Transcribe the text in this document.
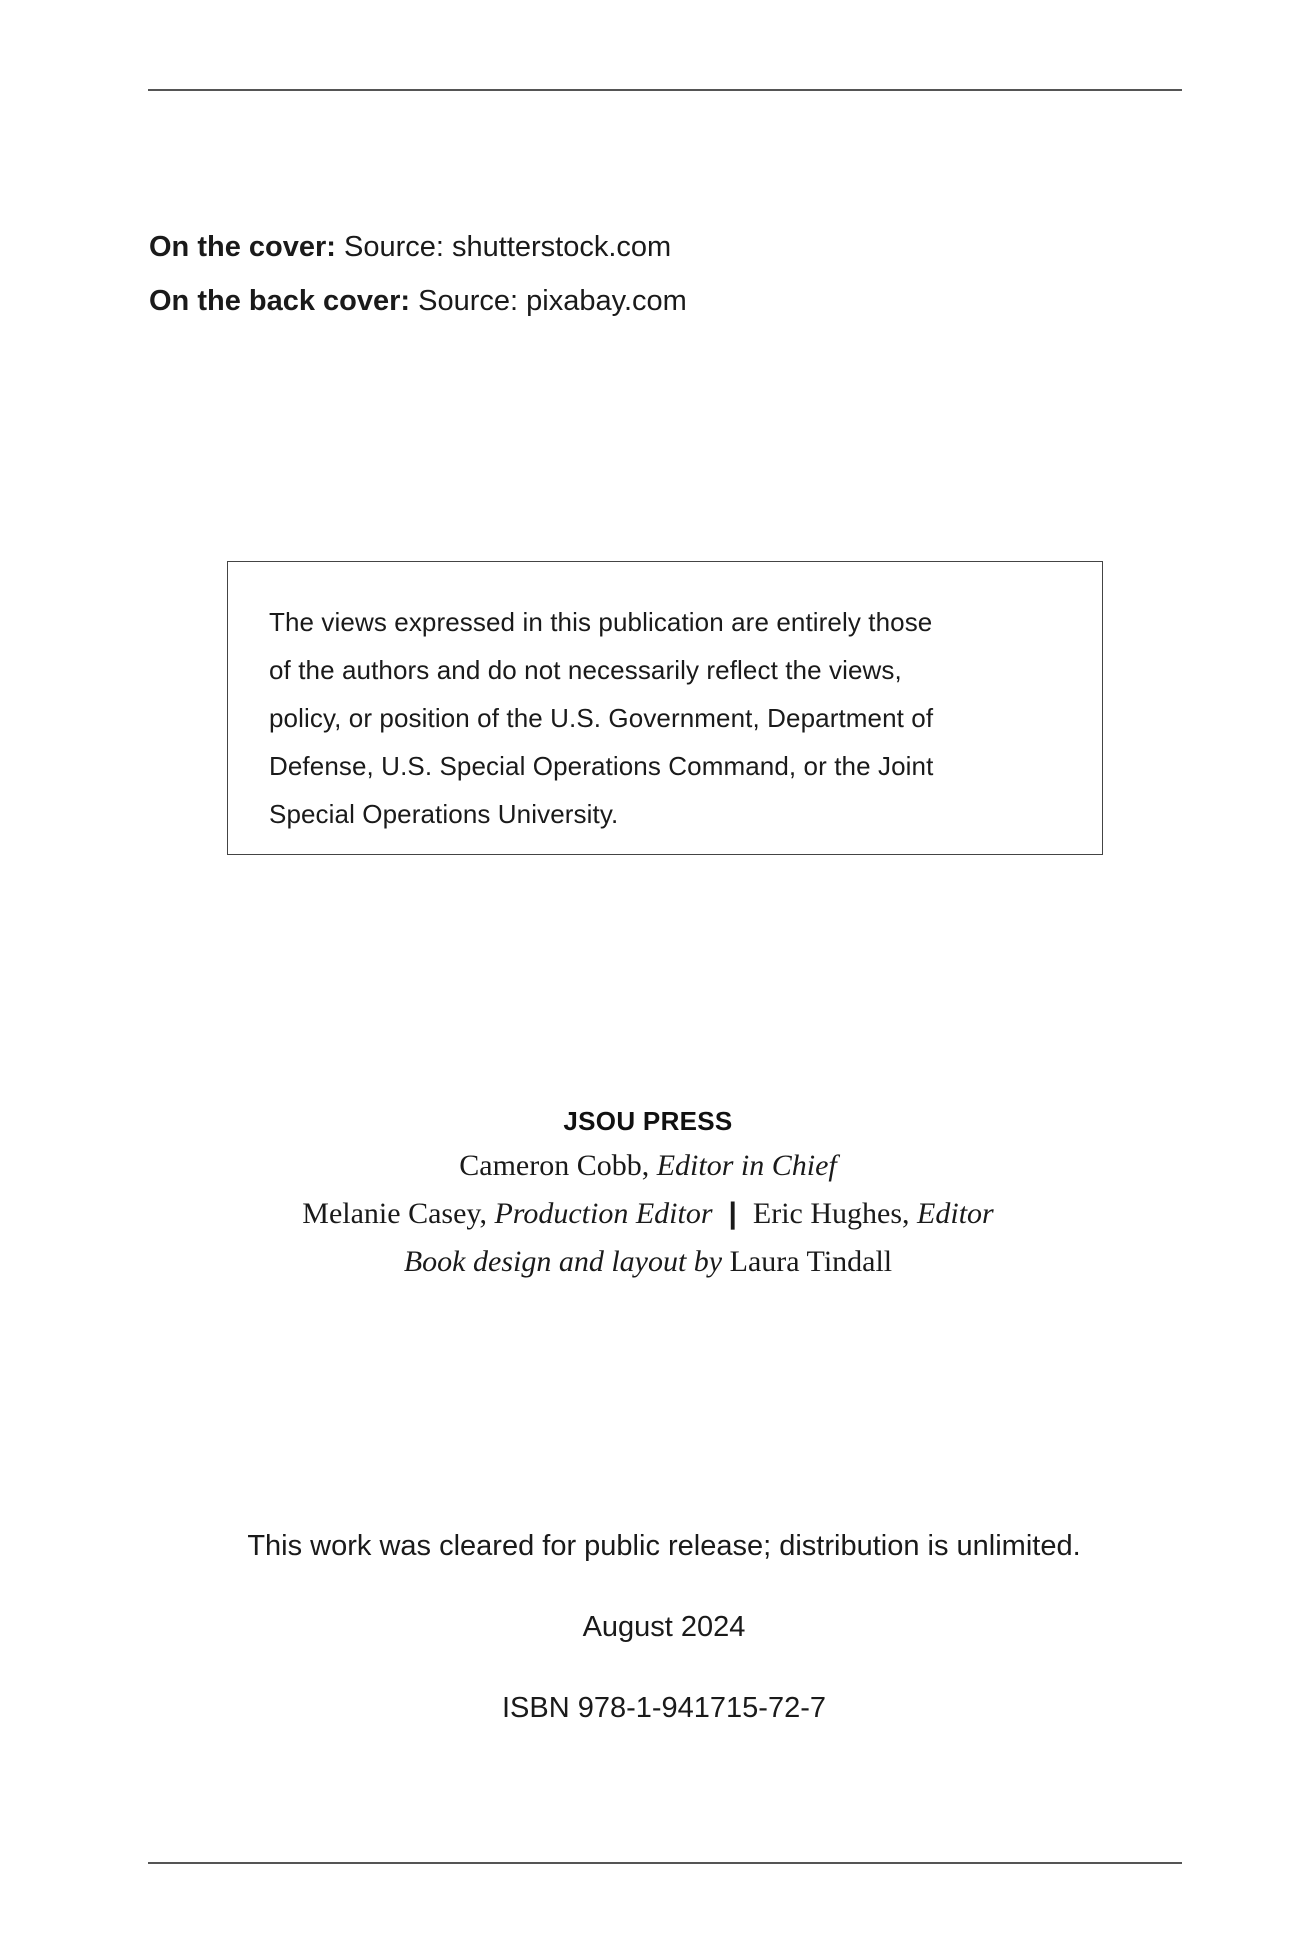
On the cover: Source: shutterstock.com
On the back cover: Source: pixabay.com

The views expressed in this publication are entirely those

of the authors and do not necessarily reflect the views,

policy, or position of the U.S. Government, Department of

Defense, U.S. Special Operations Command, or the Joint

Special Operations University.

JSOU PRESS
Cameron Cobb, Editor in Chief
Melanie Casey, Production Editor | Eric Hughes, Editor
Book design and layout by Laura Tindall
This work was cleared for public release; distribution is unlimited.
August 2024
ISBN 978-1-941715-72-7
